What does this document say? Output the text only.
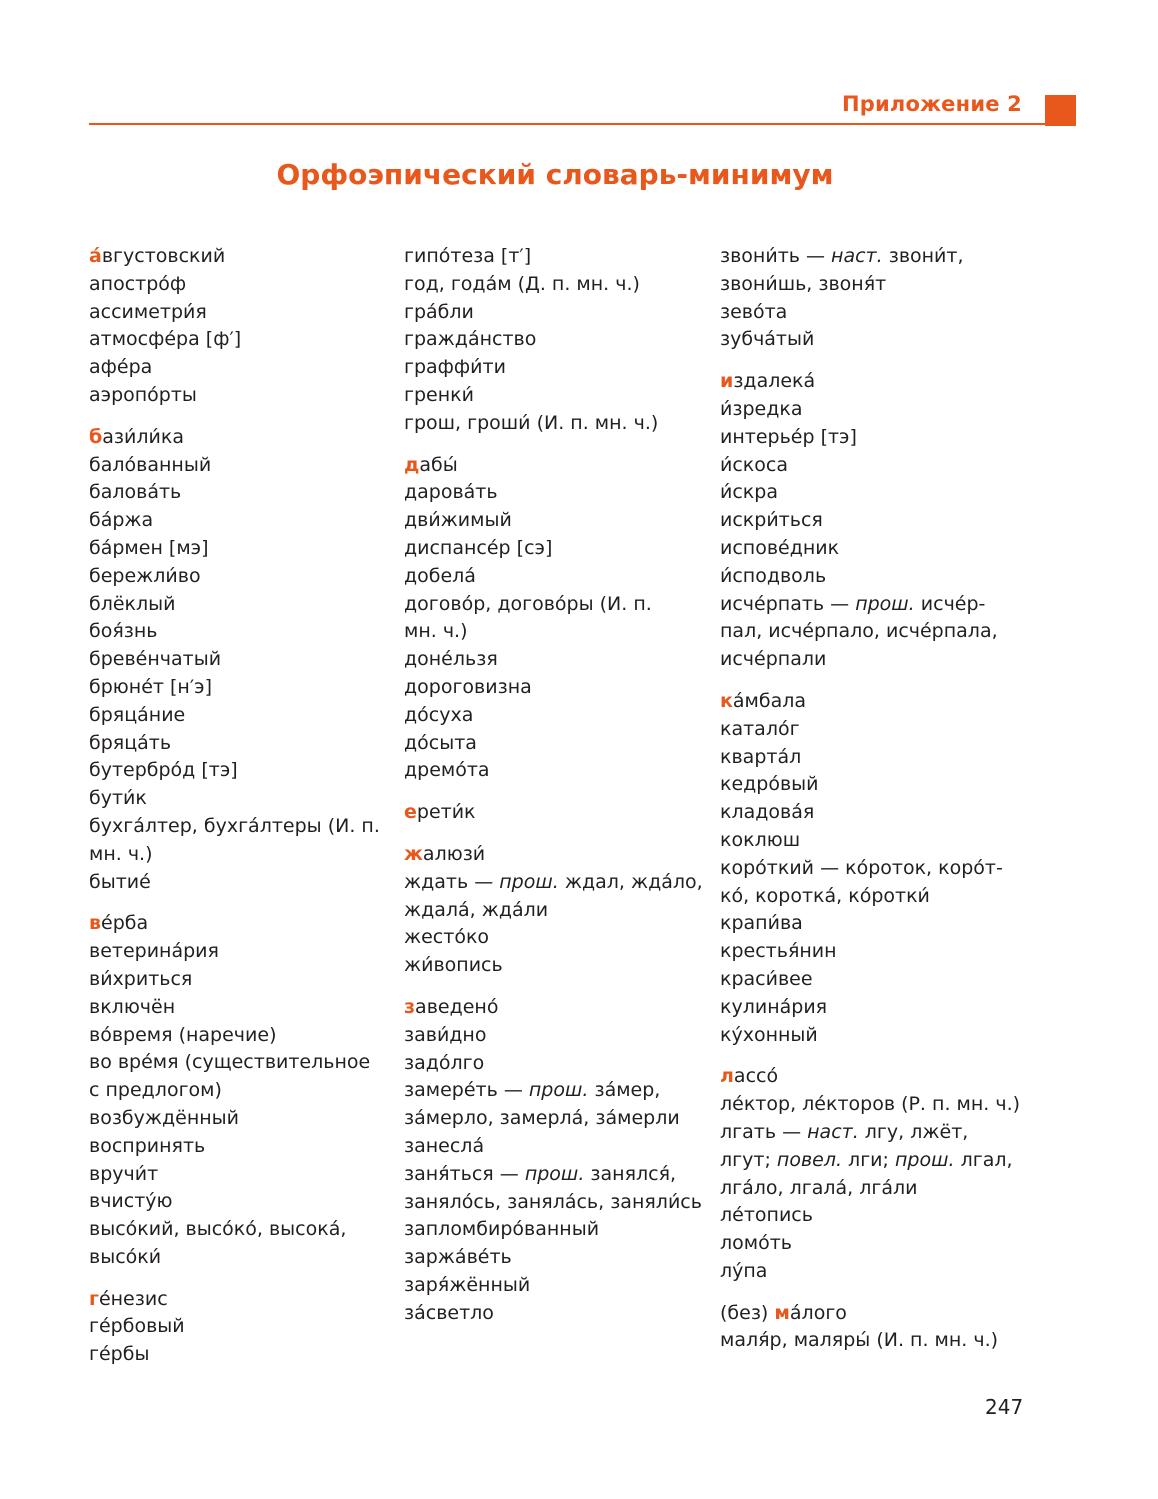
Приложение 2
Орфоэпический словарь-минимум
áвгустовский
апострóф
ассиметри́я
атмосфéра [ф′]
афéра
аэропóрты
бази́ли́ка
балóванный
баловáть
бáржа
бáрмен [мэ]
бережли́во
блёклый
боя́знь
бревéнчатый
брюнéт [н′э]
бряцáние
бряцáть
бутербрóд [тэ]
бути́к
бухгáлтер, бухгáлтеры (И. п.
мн. ч.)
бытиé
вéрба
ветеринáрия
ви́хриться
включён
вóвремя (наречие)
во врéмя (существительное
с предлогом)
возбуждённый
воспринять
вручи́т
вчисту́ю
высóкий, высóкó, высокá,
высóки́
гéнезис
гéрбовый
гéрбы
гипóтеза [т′]
год, годáм (Д. п. мн. ч.)
грáбли
граждáнство
граффи́ти
гренки́
грош, гроши́ (И. п. мн. ч.)
дабы́
даровáть
дви́жимый
диспансéр [сэ]
добелá
договóр, договóры (И. п.
мн. ч.)
донéльзя
дороговизна
дóсуха
дóсыта
дремóта
ерети́к
жалюзи́
ждать — прош. ждал, ждáло,
ждалá, ждáли
жестóко
жи́вопись
заведенó
зави́дно
задóлго
замерéть — прош. зáмер,
зáмерло, замерлá, зáмерли
занеслá
заня́ться — прош. занялся́,
занялóсь, занялáсь, заняли́сь
запломбирóванный
заржáвéть
заря́жённый
зáсветло
звони́ть — наст. звони́т,
звони́шь, звоня́т
зевóта
зубчáтый
издалекá
и́зредка
интерьéр [тэ]
и́скоса
и́скра
искри́ться
исповéдник
и́сподволь
исчéрпать — прош. исчéр-
пал, исчéрпало, исчéрпала,
исчéрпали
кáмбала
каталóг
квартáл
кедрóвый
кладовáя
коклюш
корóткий — кóроток, корóт-
кó, короткá, кóротки́
крапи́ва
крестья́нин
краси́вее
кулинáрия
кýхонный
лассó
лéктор, лéкторов (Р. п. мн. ч.)
лгать — наст. лгу, лжёт,
лгут; повел. лги; прош. лгал,
лгáло, лгалá, лгáли
лéтопись
ломóть
лýпа
(без) мáлого
маля́р, маляры́ (И. п. мн. ч.)
247
